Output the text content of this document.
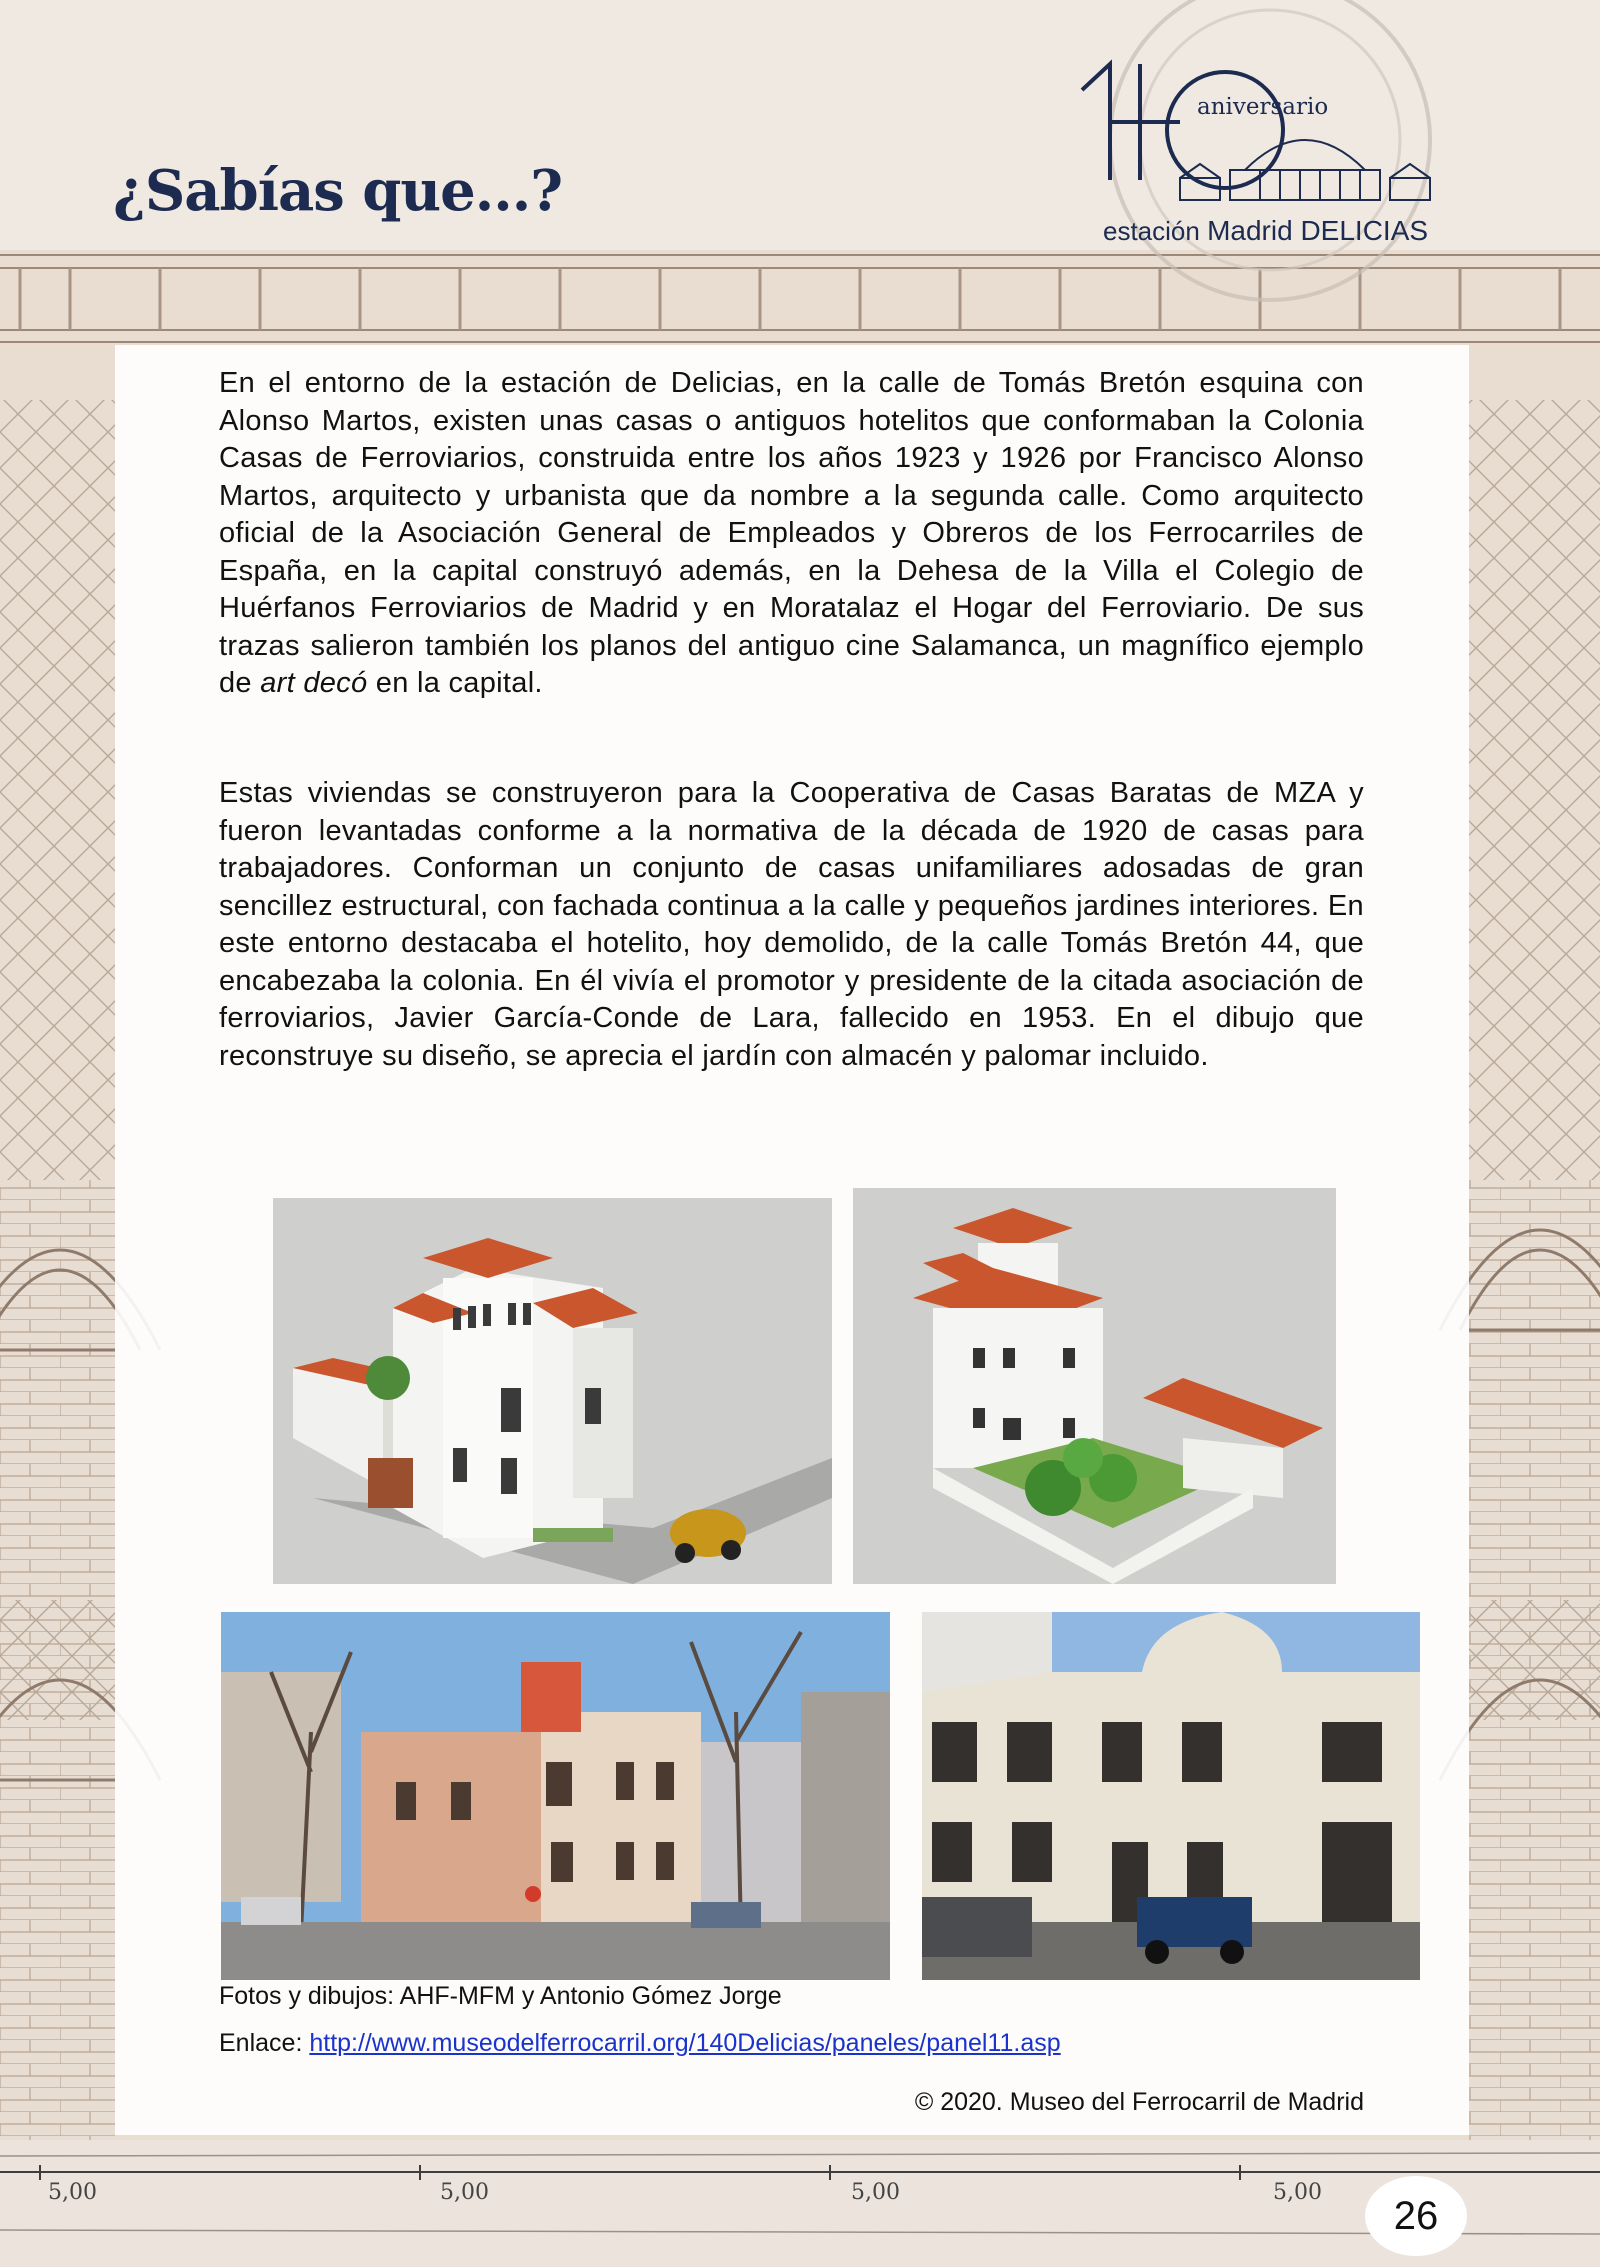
5,00	5,00	5,00	5,00
¿Sabías que...?
aniversario
estación Madrid DELICIAS

En el entorno de la estación de Delicias, en la calle de Tomás Bretón esquina con Alonso Martos, existen unas casas o antiguos hotelitos que conformaban la Colonia Casas de Ferroviarios, construida entre los años 1923 y 1926 por Francisco Alonso Martos, arquitecto y urbanista que da nombre a la segunda calle. Como arquitecto oficial de la Asociación General de Empleados y Obreros de los Ferrocarriles de España, en la capital construyó además, en la Dehesa de la Villa el Colegio de Huérfanos Ferroviarios de Madrid y en Moratalaz el Hogar del Ferroviario. De sus trazas salieron también los planos del antiguo cine Salamanca, un magnífico ejemplo de art decó en la capital.

Estas viviendas se construyeron para la Cooperativa de Casas Baratas de MZA y fueron levantadas conforme a la normativa de la década de 1920 de casas para trabajadores. Conforman un conjunto de casas unifamiliares adosadas de gran sencillez estructural, con fachada continua a la calle y pequeños jardines interiores. En este entorno destacaba el hotelito, hoy demolido, de la calle Tomás Bretón 44, que encabezaba la colonia. En él vivía el promotor y presidente de la citada asociación de ferroviarios, Javier García-Conde de Lara, fallecido en 1953. En el dibujo que reconstruye su diseño, se aprecia el jardín con almacén y palomar incluido.

Fotos y dibujos: AHF-MFM y Antonio Gómez Jorge
Enlace: http://www.museodelferrocarril.org/140Delicias/paneles/panel11.asp
© 2020. Museo del Ferrocarril de Madrid
26
